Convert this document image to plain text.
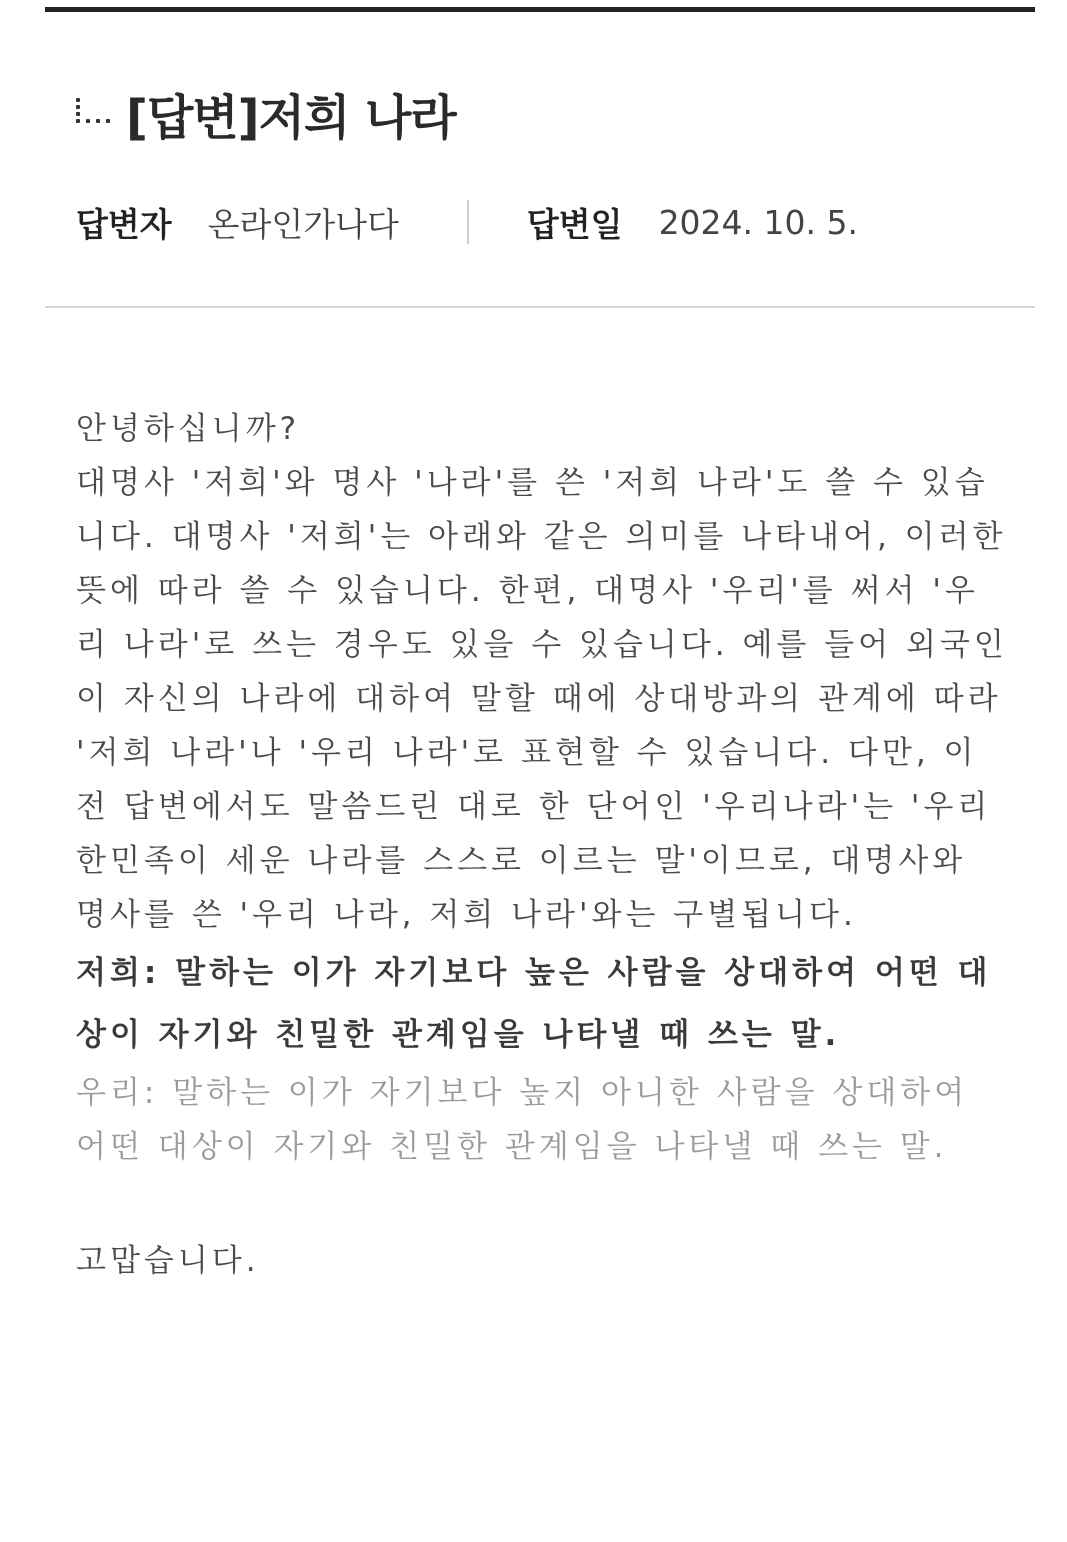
[답변]저희 나라
답변자 온라인가나다	답변일 2024. 10. 5.

안녕하십니까?

대명사 '저희'와 명사 '나라'를 쓴 '저희 나라'도 쓸 수 있습니다. 대명사 '저희'는 아래와 같은 의미를 나타내어, 이러한 뜻에 따라 쓸 수 있습니다. 한편, 대명사 '우리'를 써서 '우리 나라'로 쓰는 경우도 있을 수 있습니다. 예를 들어 외국인이 자신의 나라에 대하여 말할 때에 상대방과의 관계에 따라 '저희 나라'나 '우리 나라'로 표현할 수 있습니다. 다만, 이전 답변에서도 말씀드린 대로 한 단어인 '우리나라'는 '우리 한민족이 세운 나라를 스스로 이르는 말'이므로, 대명사와 명사를 쓴 '우리 나라, 저희 나라'와는 구별됩니다.

저희: 말하는 이가 자기보다 높은 사람을 상대하여 어떤 대상이 자기와 친밀한 관계임을 나타낼 때 쓰는 말.

우리: 말하는 이가 자기보다 높지 아니한 사람을 상대하여 어떤 대상이 자기와 친밀한 관계임을 나타낼 때 쓰는 말.

고맙습니다.
